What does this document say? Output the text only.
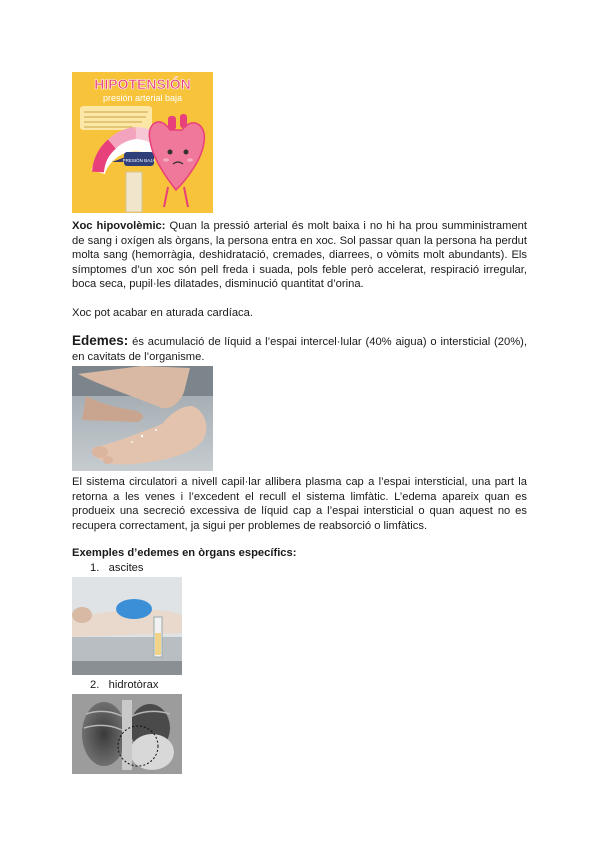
HIPOTENSIÓN
presión arterial baja
PRESIÓN BAJA
Xoc hipovolèmic: Quan la pressió arterial és molt baixa i no hi ha prou sumministrament de sang i oxígen als òrgans, la persona entra en xoc. Sol passar quan la persona ha perdut molta sang (hemorràgia, deshidratació, cremades, diarrees, o vòmits molt abundants). Els símptomes d’un xoc són pell freda i suada, pols feble però accelerat, respiració irregular, boca seca, pupil·les dilatades, disminució quantitat d’orina.
Xoc pot acabar en aturada cardíaca.
Edemes: és acumulació de líquid a l’espai intercel·lular (40% aigua) o intersticial (20%), en cavitats de l’organisme.
El sistema circulatori a nivell capil·lar allibera plasma cap a l’espai intersticial, una part la retorna a les venes i l’excedent el recull el sistema limfàtic. L’edema apareix quan es produeix una secreció excessiva de líquid cap a l’espai intersticial o quan aquest no es recupera correctament, ja sigui per problemes de reabsorció o limfàtics.
Exemples d’edemes en òrgans específics:
1. ascites
2. hidrotòrax
